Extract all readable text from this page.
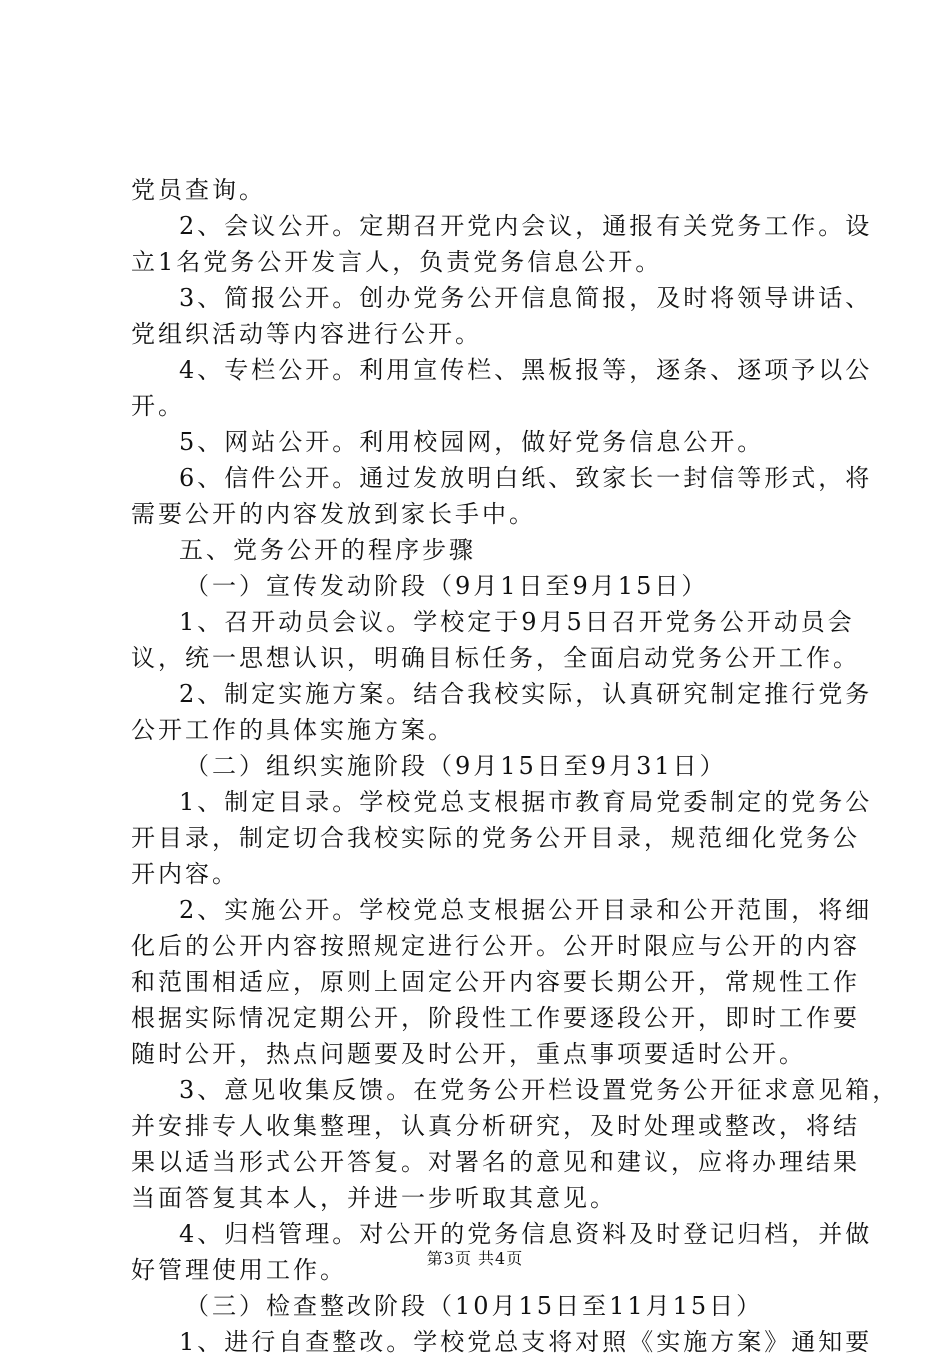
党员查询。
2、会议公开。定期召开党内会议，通报有关党务工作。设
立1名党务公开发言人，负责党务信息公开。
3、简报公开。创办党务公开信息简报，及时将领导讲话、
党组织活动等内容进行公开。
4、专栏公开。利用宣传栏、黑板报等，逐条、逐项予以公
开。
5、网站公开。利用校园网，做好党务信息公开。
6、信件公开。通过发放明白纸、致家长一封信等形式，将
需要公开的内容发放到家长手中。
五、党务公开的程序步骤
（一）宣传发动阶段（9月1日至9月15日）
1、召开动员会议。学校定于9月5日召开党务公开动员会
议，统一思想认识，明确目标任务，全面启动党务公开工作。
2、制定实施方案。结合我校实际，认真研究制定推行党务
公开工作的具体实施方案。
（二）组织实施阶段（9月15日至9月31日）
1、制定目录。学校党总支根据市教育局党委制定的党务公
开目录，制定切合我校实际的党务公开目录，规范细化党务公
开内容。
2、实施公开。学校党总支根据公开目录和公开范围，将细
化后的公开内容按照规定进行公开。公开时限应与公开的内容
和范围相适应，原则上固定公开内容要长期公开，常规性工作
根据实际情况定期公开，阶段性工作要逐段公开，即时工作要
随时公开，热点问题要及时公开，重点事项要适时公开。
3、意见收集反馈。在党务公开栏设置党务公开征求意见箱，
并安排专人收集整理，认真分析研究，及时处理或整改，将结
果以适当形式公开答复。对署名的意见和建议，应将办理结果
当面答复其本人，并进一步听取其意见。
4、归档管理。对公开的党务信息资料及时登记归档，并做
好管理使用工作。
（三）检查整改阶段（10月15日至11月15日）
1、进行自查整改。学校党总支将对照《实施方案》通知要
第3页 共4页
